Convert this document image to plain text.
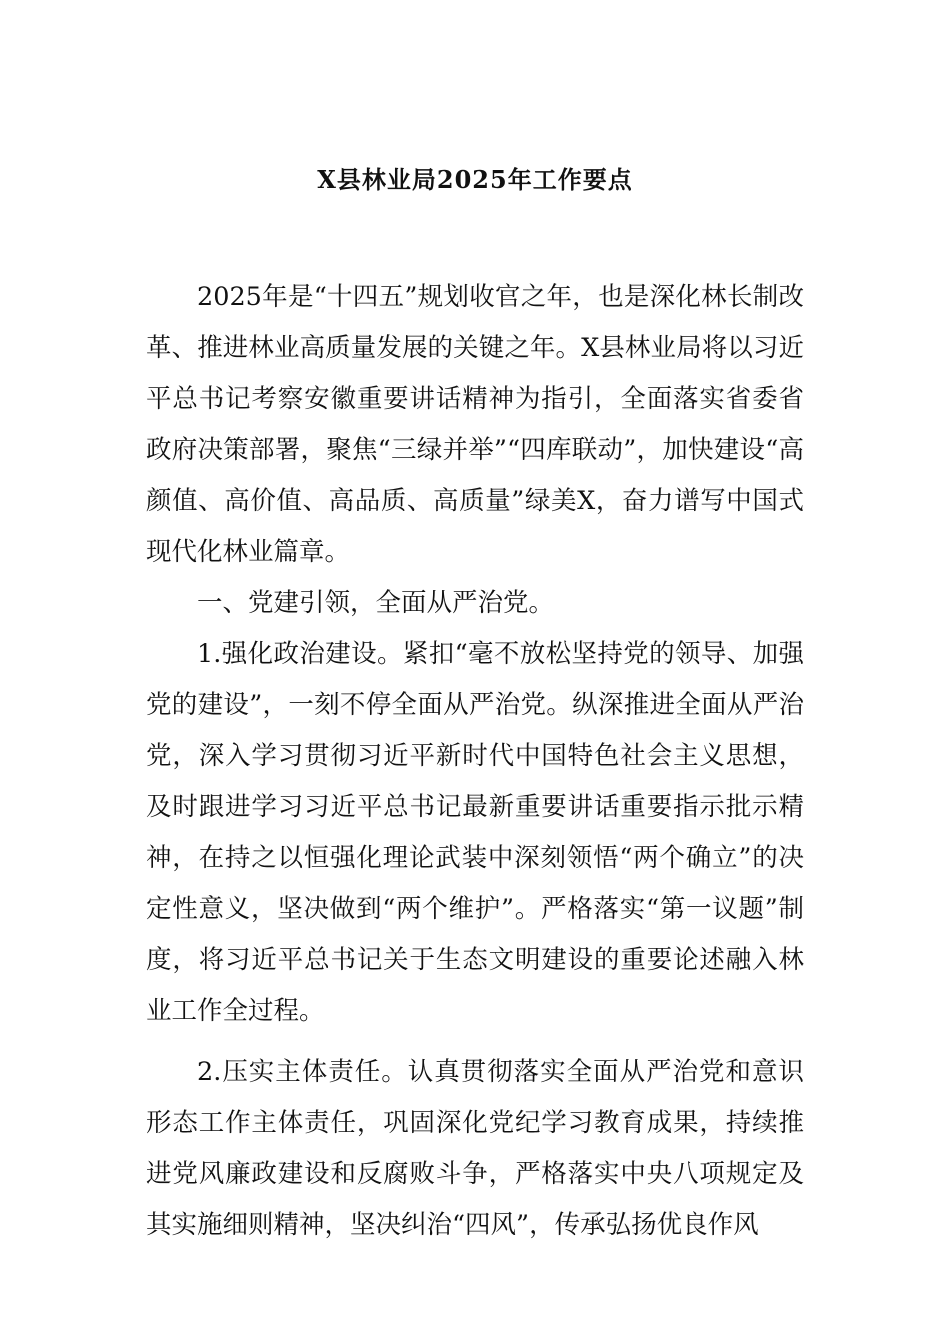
X县林业局2025年工作要点

2025年是“十四五”规划收官之年，也是深化林长制改革、推进林业高质量发展的关键之年。X县林业局将以习近平总书记考察安徽重要讲话精神为指引，全面落实省委省政府决策部署，聚焦“三绿并举”“四库联动”，加快建设“高颜值、高价值、高品质、高质量”绿美X，奋力谱写中国式现代化林业篇章。

一、党建引领，全面从严治党。

1.强化政治建设。紧扣“毫不放松坚持党的领导、加强党的建设”，一刻不停全面从严治党。纵深推进全面从严治党，深入学习贯彻习近平新时代中国特色社会主义思想，及时跟进学习习近平总书记最新重要讲话重要指示批示精神，在持之以恒强化理论武装中深刻领悟“两个确立”的决定性意义，坚决做到“两个维护”。严格落实“第一议题”制度，将习近平总书记关于生态文明建设的重要论述融入林业工作全过程。

2.压实主体责任。认真贯彻落实全面从严治党和意识形态工作主体责任，巩固深化党纪学习教育成果，持续推进党风廉政建设和反腐败斗争，严格落实中央八项规定及其实施细则精神，坚决纠治“四风”，传承弘扬优良作风
